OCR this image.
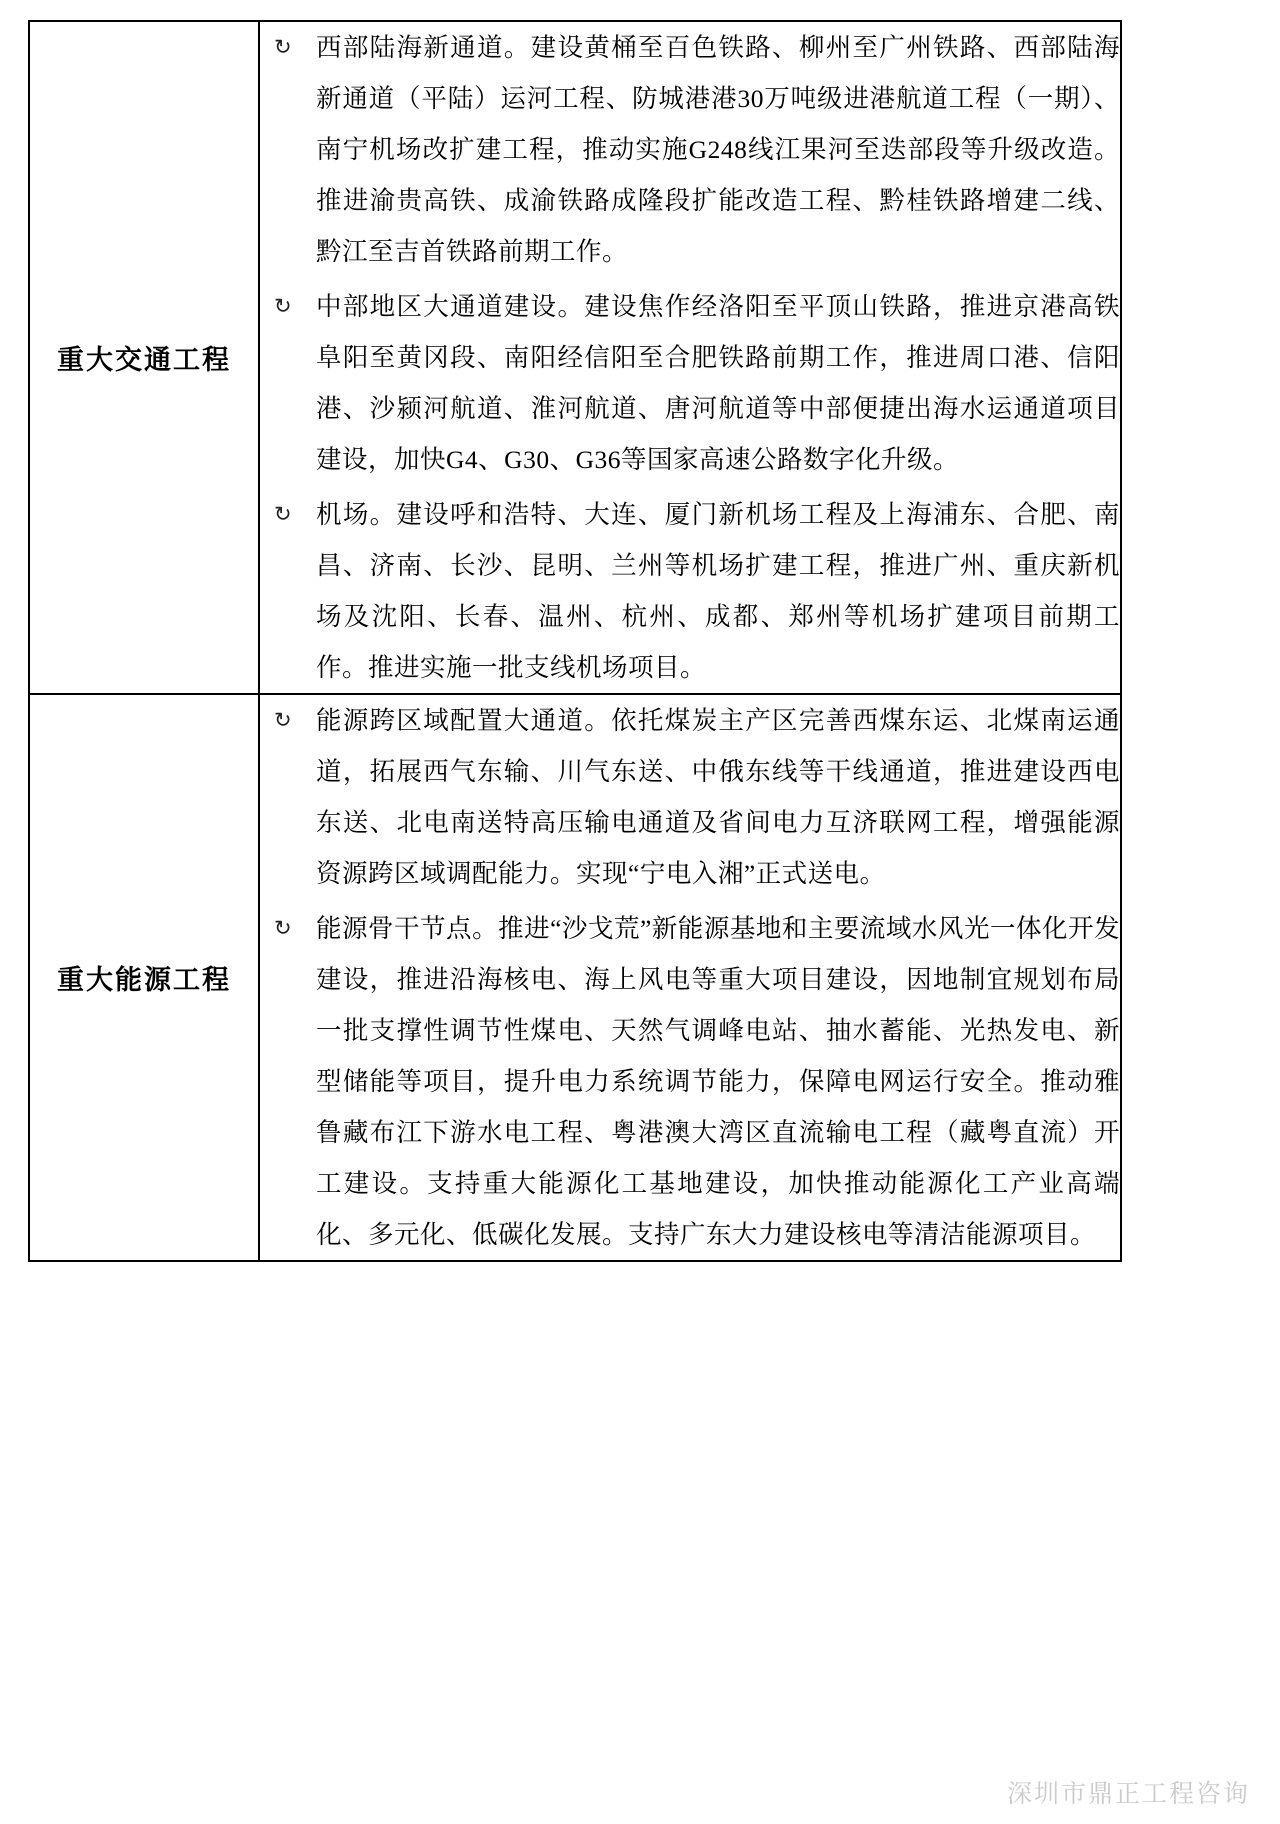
重大交通工程	
↻ 西部陆海新通道。建设黄桶至百色铁路、柳州至广州铁路、西部陆海新通道（平陆）运河工程、防城港港30万吨级进港航道工程（一期）、南宁机场改扩建工程，推动实施G248线江果河至迭部段等升级改造。推进渝贵高铁、成渝铁路成隆段扩能改造工程、黔桂铁路增建二线、黔江至吉首铁路前期工作。
↻ 中部地区大通道建设。建设焦作经洛阳至平顶山铁路，推进京港高铁阜阳至黄冈段、南阳经信阳至合肥铁路前期工作，推进周口港、信阳港、沙颍河航道、淮河航道、唐河航道等中部便捷出海水运通道项目建设，加快G4、G30、G36等国家高速公路数字化升级。
↻ 机场。建设呼和浩特、大连、厦门新机场工程及上海浦东、合肥、南昌、济南、长沙、昆明、兰州等机场扩建工程，推进广州、重庆新机场及沈阳、长春、温州、杭州、成都、郑州等机场扩建项目前期工作。推进实施一批支线机场项目。

重大能源工程	
↻ 能源跨区域配置大通道。依托煤炭主产区完善西煤东运、北煤南运通道，拓展西气东输、川气东送、中俄东线等干线通道，推进建设西电东送、北电南送特高压输电通道及省间电力互济联网工程，增强能源资源跨区域调配能力。实现“宁电入湘”正式送电。
↻ 能源骨干节点。推进“沙戈荒”新能源基地和主要流域水风光一体化开发建设，推进沿海核电、海上风电等重大项目建设，因地制宜规划布局一批支撑性调节性煤电、天然气调峰电站、抽水蓄能、光热发电、新型储能等项目，提升电力系统调节能力，保障电网运行安全。推动雅鲁藏布江下游水电工程、粤港澳大湾区直流输电工程（藏粤直流）开工建设。支持重大能源化工基地建设，加快推动能源化工产业高端化、多元化、低碳化发展。支持广东大力建设核电等清洁能源项目。
深圳市鼎正工程咨询
